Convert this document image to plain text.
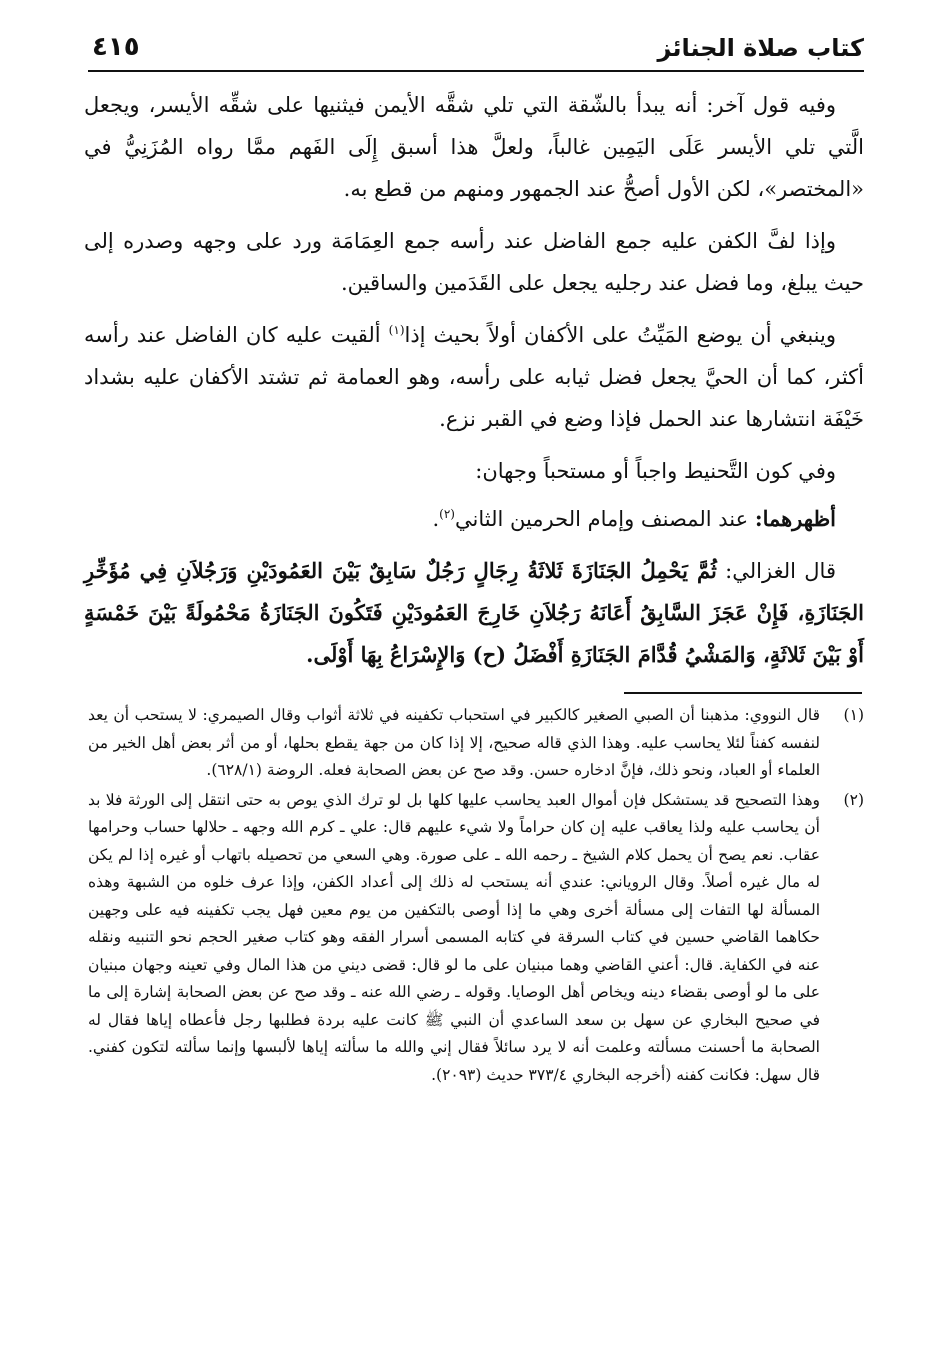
كتاب صلاة الجنائز
٤١٥

وفيه قول آخر: أنه يبدأ بالشّقة التي تلي شقَّه الأيمن فيثنيها على شقِّه الأيسر، ويجعل الَّتي تلي الأيسر عَلَى اليَمِين غالباً، ولعلَّ هذا أسبق إِلَى الفَهم ممَّا رواه المُزَنِيُّ في «المختصر»، لكن الأول أصحُّ عند الجمهور ومنهم من قطع به.

وإذا لفَّ الكفن عليه جمع الفاضل عند رأسه جمع العِمَامَة ورد على وجهه وصدره إلى حيث يبلغ، وما فضل عند رجليه يجعل على القَدَمين والساقين.

وينبغي أن يوضع المَيِّتُ على الأكفان أولاً بحيث إذا$^{(١)}$ ألقيت عليه كان الفاضل عند رأسه أكثر، كما أن الحيَّ يجعل فضل ثيابه على رأسه، وهو العمامة ثم تشتد الأكفان عليه بشداد خَيْفَة انتشارها عند الحمل فإذا وضع في القبر نزع.

وفي كون التَّحنيط واجباً أو مستحباً وجهان:

أظهرهما: عند المصنف وإمام الحرمين الثاني$^{(٢)}$.

قال الغزالي: ثُمَّ يَحْمِلُ الجَنَازَةَ ثَلاثَةُ رِجَالٍ رَجُلٌ سَابِقٌ بَيْنَ العَمُودَيْنِ وَرَجُلاَنِ فِي مُؤَخِّرِ الجَنَازَةِ، فَإِنْ عَجَزَ السَّابِقُ أَعَانَهُ رَجُلاَنِ خَارِجَ العَمُودَيْنِ فَتَكُونَ الجَنَازَةُ مَحْمُولَةً بَيْنَ خَمْسَةٍ أَوْ بَيْنَ ثَلاثَةٍ، وَالمَشْيُ قُدَّامَ الجَنَازَةِ أَفْضَلُ (ح) وَالإِسْرَاعُ بِهَا أَوْلَى.

(١)
قال النووي: مذهبنا أن الصبي الصغير كالكبير في استحباب تكفينه في ثلاثة أثواب وقال الصيمري: لا يستحب أن يعد لنفسه كفناً لئلا يحاسب عليه. وهذا الذي قاله صحيح، إلا إذا كان من جهة يقطع بحلها، أو من أثر بعض أهل الخير من العلماء أو العباد، ونحو ذلك، فإنَّ ادخاره حسن. وقد صح عن بعض الصحابة فعله. الروضة (٦٢٨/١).
(٢)
وهذا التصحيح قد يستشكل فإن أموال العبد يحاسب عليها كلها بل لو ترك الذي يوص به حتى انتقل إلى الورثة فلا بد أن يحاسب عليه ولذا يعاقب عليه إن كان حراماً ولا شيء عليهم قال: علي ـ كرم الله وجهه ـ حلالها حساب وحرامها عقاب. نعم يصح أن يحمل كلام الشيخ ـ رحمه الله ـ على صورة. وهي السعي من تحصيله باتهاب أو غيره إذا لم يكن له مال غيره أصلاً. وقال الروياني: عندي أنه يستحب له ذلك إلى أعداد الكفن، وإذا عرف خلوه من الشبهة وهذه المسألة لها التفات إلى مسألة أخرى وهي ما إذا أوصى بالتكفين من يوم معين فهل يجب تكفينه فيه على وجهين حكاهما القاضي حسين في كتاب السرقة في كتابه المسمى أسرار الفقه وهو كتاب صغير الحجم نحو التنبيه ونقله عنه في الكفاية. قال: أعني القاضي وهما مبنيان على ما لو قال: قضى ديني من هذا المال وفي تعينه وجهان مبنيان على ما لو أوصى بقضاء دينه ويخاص أهل الوصايا. وقوله ـ رضي الله عنه ـ وقد صح عن بعض الصحابة إشارة إلى ما في صحيح البخاري عن سهل بن سعد الساعدي أن النبي ﷺ كانت عليه بردة فطلبها رجل فأعطاه إياها فقال له الصحابة ما أحسنت مسألته وعلمت أنه لا يرد سائلاً فقال إني والله ما سألته إياها لألبسها وإنما سألته لتكون كفني. قال سهل: فكانت كفنه (أخرجه البخاري ٣٧٣/٤ حديث (٢٠٩٣).
